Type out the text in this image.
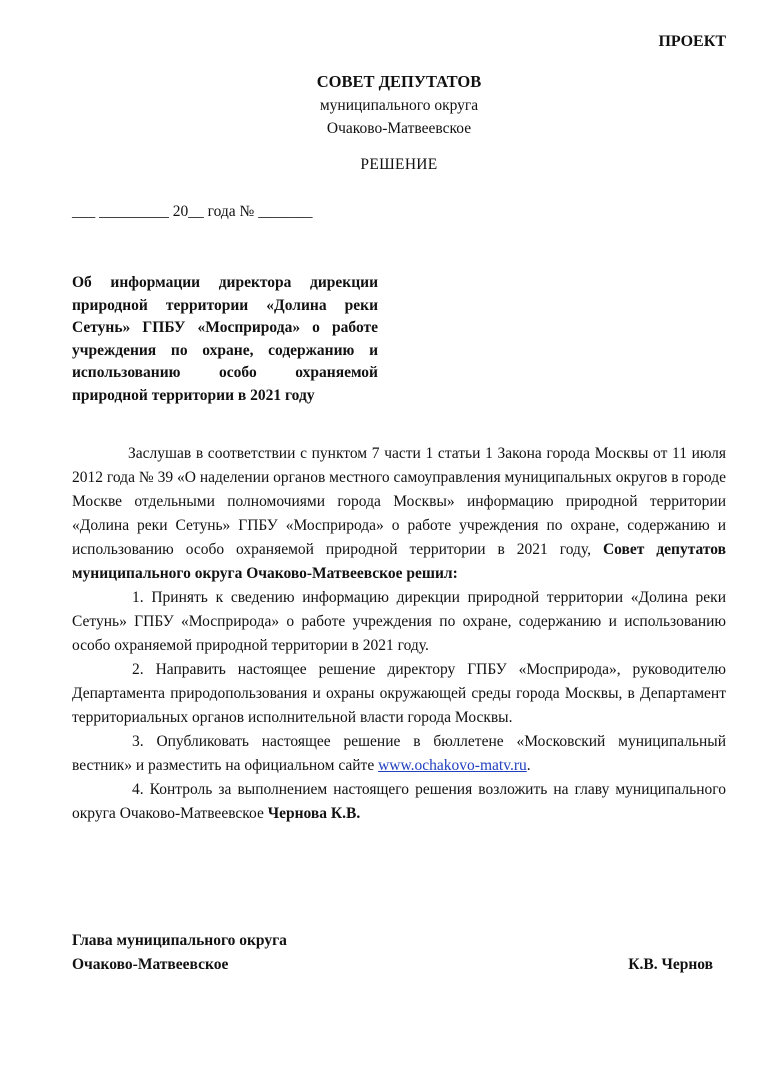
ПРОЕКТ
СОВЕТ ДЕПУТАТОВ
муниципального округа
Очаково-Матвеевское
РЕШЕНИЕ
___ _________ 20__ года № _______
Об информации директора дирекции природной территории «Долина реки Сетунь» ГПБУ «Мосприрода» о работе учреждения по охране, содержанию и использованию особо охраняемой природной территории в 2021 году

Заслушав в соответствии с пунктом 7 части 1 статьи 1 Закона города Москвы от 11 июля 2012 года № 39 «О наделении органов местного самоуправления муниципальных округов в городе Москве отдельными полномочиями города Москвы» информацию природной территории «Долина реки Сетунь» ГПБУ «Мосприрода» о работе учреждения по охране, содержанию и использованию особо охраняемой природной территории в 2021 году, Совет депутатов муниципального округа Очаково-Матвеевское решил:

1. Принять к сведению информацию дирекции природной территории «Долина реки Сетунь» ГПБУ «Мосприрода» о работе учреждения по охране, содержанию и использованию особо охраняемой природной территории в 2021 году.

2. Направить настоящее решение директору ГПБУ «Мосприрода», руководителю Департамента природопользования и охраны окружающей среды города Москвы, в Департамент территориальных органов исполнительной власти города Москвы.

3. Опубликовать настоящее решение в бюллетене «Московский муниципальный вестник» и разместить на официальном сайте www.ochakovo-matv.ru.

4. Контроль за выполнением настоящего решения возложить на главу муниципального округа Очаково-Матвеевское Чернова К.В.

Глава муниципального округа
Очаково-Матвеевское	К.В. Чернов
